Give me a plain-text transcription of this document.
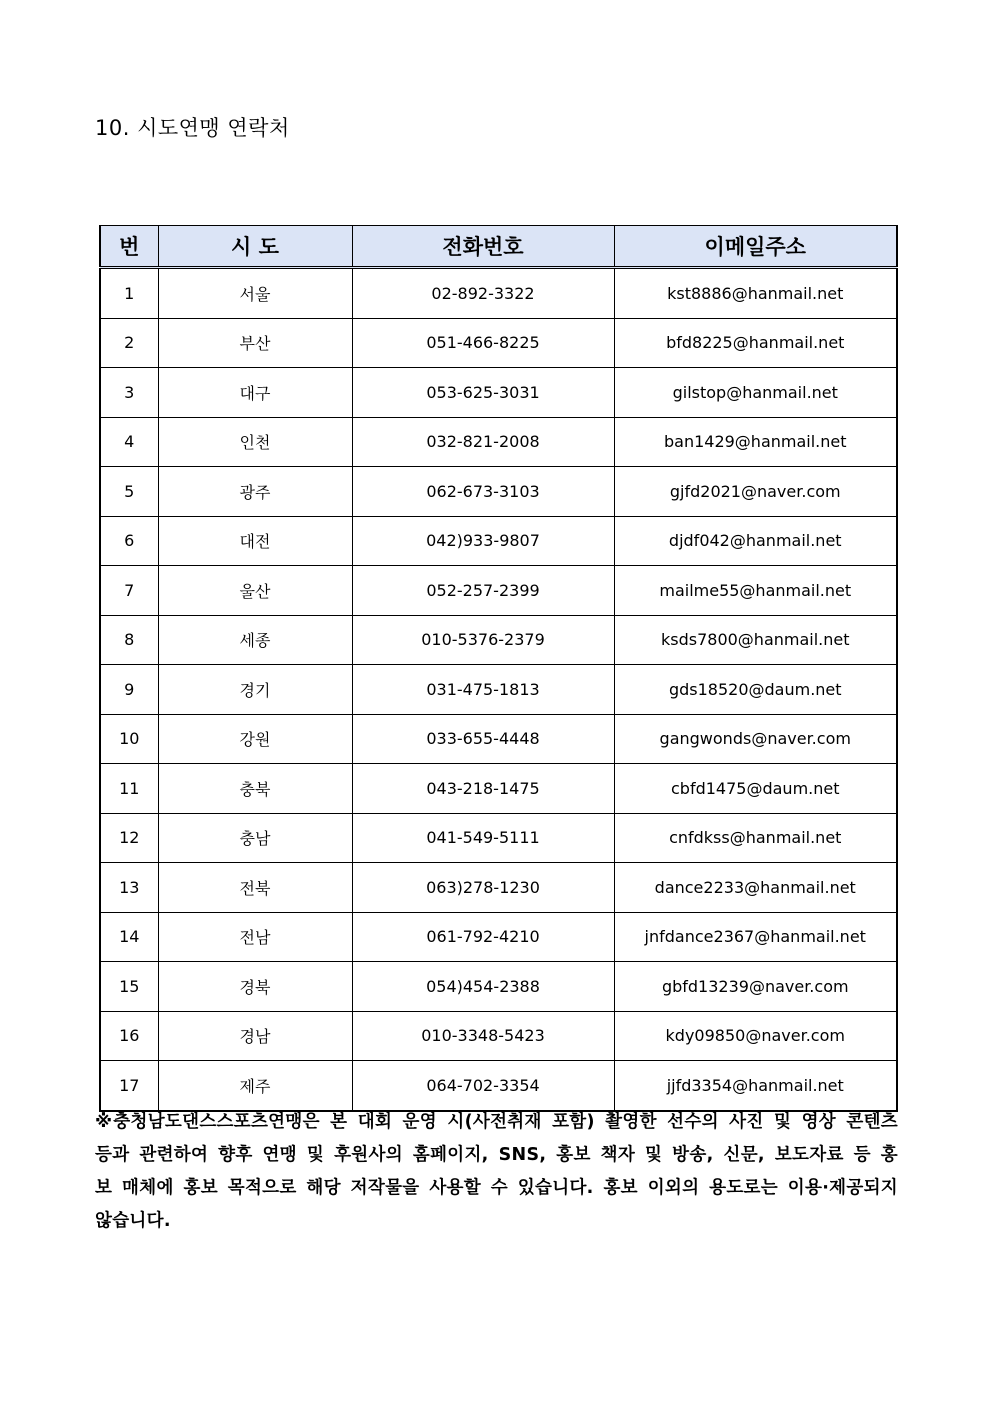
10. 시도연맹 연락처
번	시 도	전화번호	이메일주소
1	서울	02-892-3322	kst8886@hanmail.net
2	부산	051-466-8225	bfd8225@hanmail.net
3	대구	053-625-3031	gilstop@hanmail.net
4	인천	032-821-2008	ban1429@hanmail.net
5	광주	062-673-3103	gjfd2021@naver.com
6	대전	042)933-9807	djdf042@hanmail.net
7	울산	052-257-2399	mailme55@hanmail.net
8	세종	010-5376-2379	ksds7800@hanmail.net
9	경기	031-475-1813	gds18520@daum.net
10	강원	033-655-4448	gangwonds@naver.com
11	충북	043-218-1475	cbfd1475@daum.net
12	충남	041-549-5111	cnfdkss@hanmail.net
13	전북	063)278-1230	dance2233@hanmail.net
14	전남	061-792-4210	jnfdance2367@hanmail.net
15	경북	054)454-2388	gbfd13239@naver.com
16	경남	010-3348-5423	kdy09850@naver.com
17	제주	064-702-3354	jjfd3354@hanmail.net
※충청남도댄스스포츠연맹은 본 대회 운영 시(사전취재 포함) 촬영한 선수의 사진 및 영상 콘텐츠 등과 관련하여 향후 연맹 및 후원사의 홈페이지, SNS, 홍보 책자 및 방송, 신문, 보도자료 등 홍보 매체에 홍보 목적으로 해당 저작물을 사용할 수 있습니다. 홍보 이외의 용도로는 이용·제공되지 않습니다.
